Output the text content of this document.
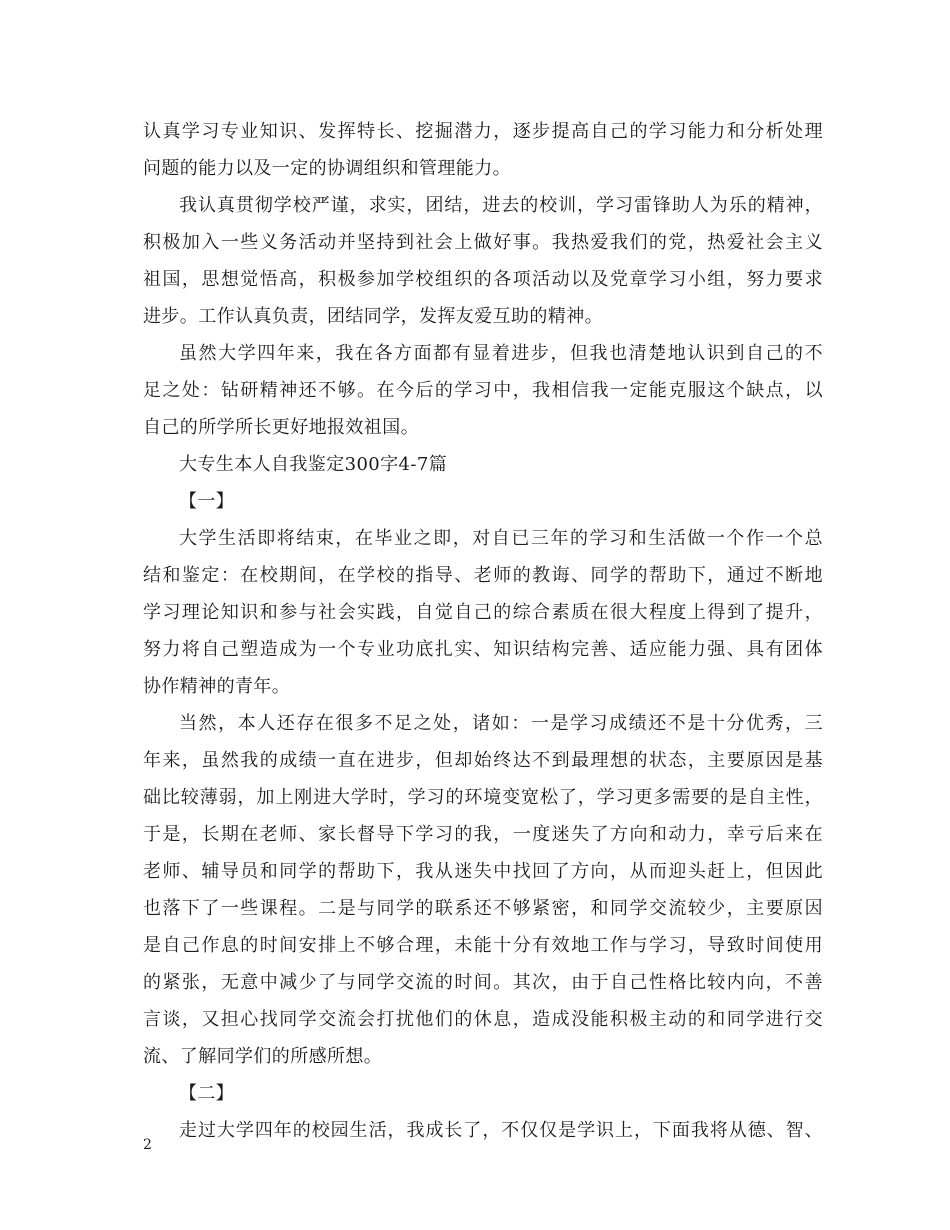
认真学习专业知识、发挥特长、挖掘潜力，逐步提高自己的学习能力和分析处理
问题的能力以及一定的协调组织和管理能力。
我认真贯彻学校严谨，求实，团结，进去的校训，学习雷锋助人为乐的精神，
积极加入一些义务活动并坚持到社会上做好事。我热爱我们的党，热爱社会主义
祖国，思想觉悟高，积极参加学校组织的各项活动以及党章学习小组，努力要求
进步。工作认真负责，团结同学，发挥友爱互助的精神。
虽然大学四年来，我在各方面都有显着进步，但我也清楚地认识到自己的不
足之处：钻研精神还不够。在今后的学习中，我相信我一定能克服这个缺点，以
自己的所学所长更好地报效祖国。
大专生本人自我鉴定300字4-7篇
【一】
大学生活即将结束，在毕业之即，对自已三年的学习和生活做一个作一个总
结和鉴定：在校期间，在学校的指导、老师的教诲、同学的帮助下，通过不断地
学习理论知识和参与社会实践，自觉自己的综合素质在很大程度上得到了提升，
努力将自己塑造成为一个专业功底扎实、知识结构完善、适应能力强、具有团体
协作精神的青年。
当然，本人还存在很多不足之处，诸如：一是学习成绩还不是十分优秀，三
年来，虽然我的成绩一直在进步，但却始终达不到最理想的状态，主要原因是基
础比较薄弱，加上刚进大学时，学习的环境变宽松了，学习更多需要的是自主性，
于是，长期在老师、家长督导下学习的我，一度迷失了方向和动力，幸亏后来在
老师、辅导员和同学的帮助下，我从迷失中找回了方向，从而迎头赶上，但因此
也落下了一些课程。二是与同学的联系还不够紧密，和同学交流较少，主要原因
是自己作息的时间安排上不够合理，未能十分有效地工作与学习，导致时间使用
的紧张，无意中减少了与同学交流的时间。其次，由于自己性格比较内向，不善
言谈，又担心找同学交流会打扰他们的休息，造成没能积极主动的和同学进行交
流、了解同学们的所感所想。
【二】
走过大学四年的校园生活，我成长了，不仅仅是学识上，下面我将从德、智、
2
